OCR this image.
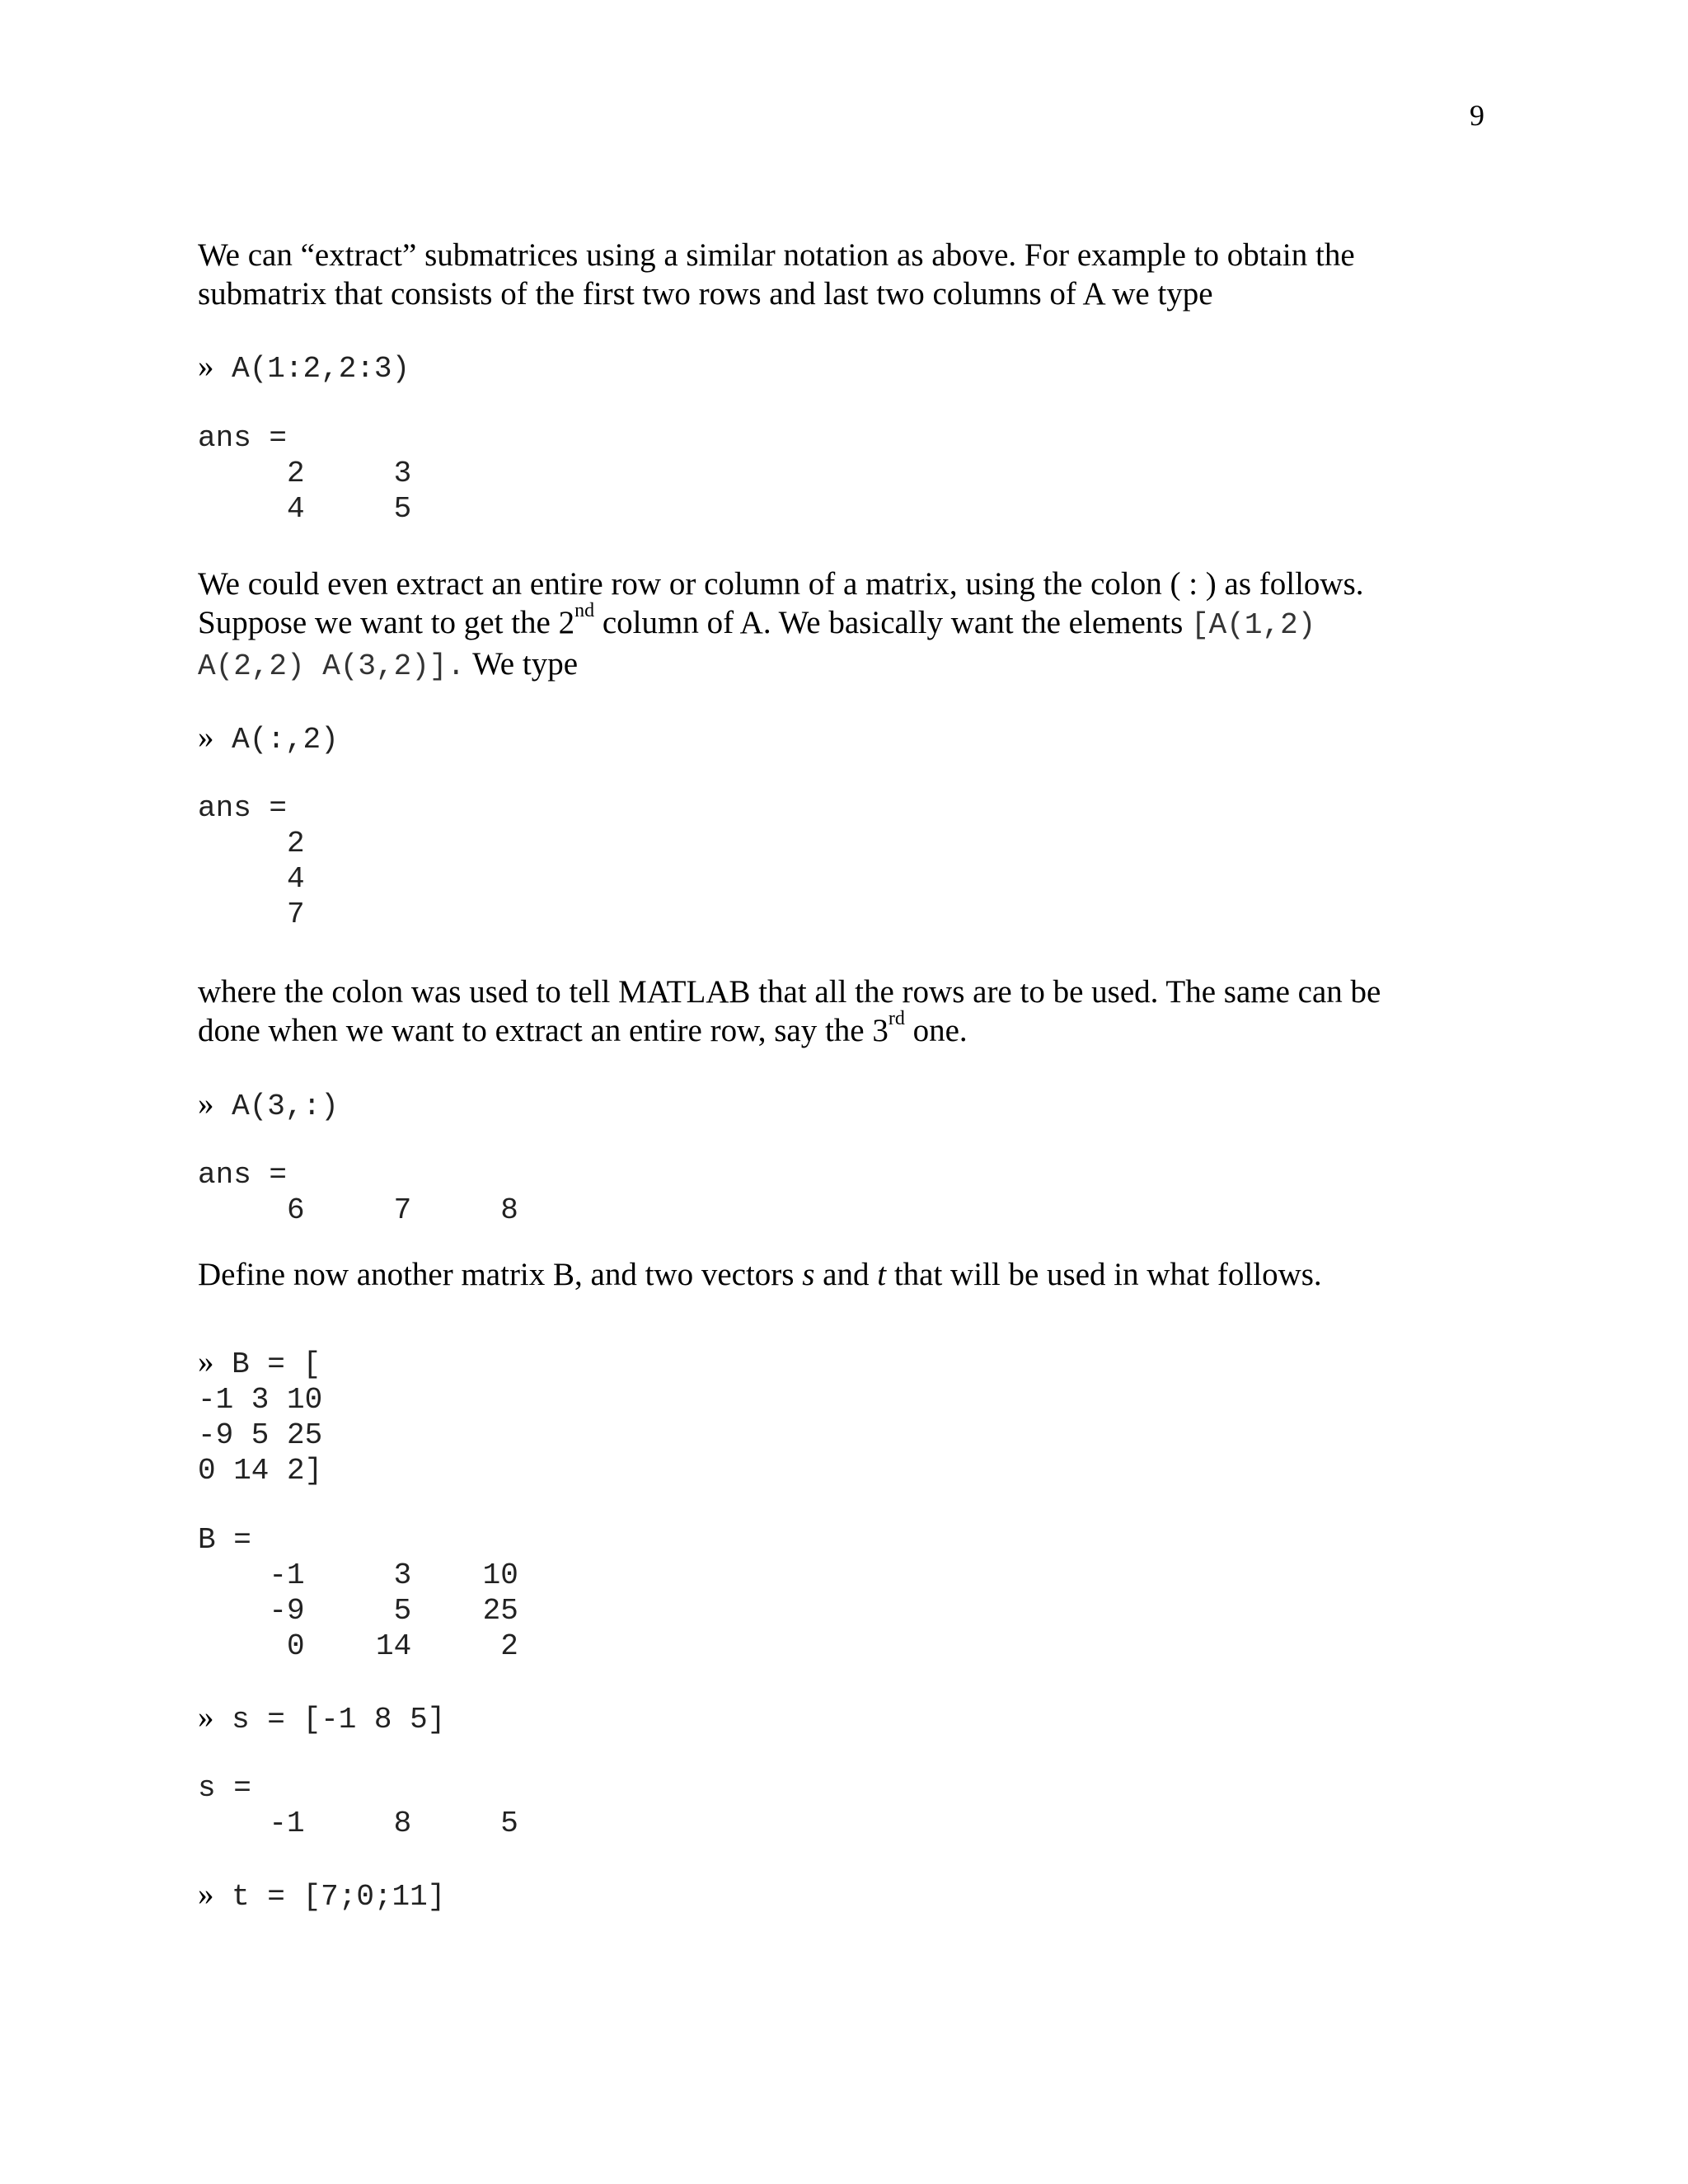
9
We can “extract” submatrices using a similar notation as above. For example to obtain the
submatrix that consists of the first two rows and last two columns of A we type
» A(1:2,2:3)
ans =
2     3
4     5
We could even extract an entire row or column of a matrix, using the colon ( : ) as follows.
Suppose we want to get the 2nd column of A. We basically want the elements [A(1,2)
A(2,2) A(3,2)]. We type
» A(:,2)
ans =
2
4
7
where the colon was used to tell MATLAB that all the rows are to be used. The same can be
done when we want to extract an entire row, say the 3rd one.
» A(3,:)
ans =
6     7     8
Define now another matrix B, and two vectors s and t that will be used in what follows.
» B = [
-1 3 10
-9 5 25
0 14 2]
B =
-1     3    10
-9     5    25
0    14     2
» s = [-1 8 5]
s =
-1     8     5
» t = [7;0;11]
